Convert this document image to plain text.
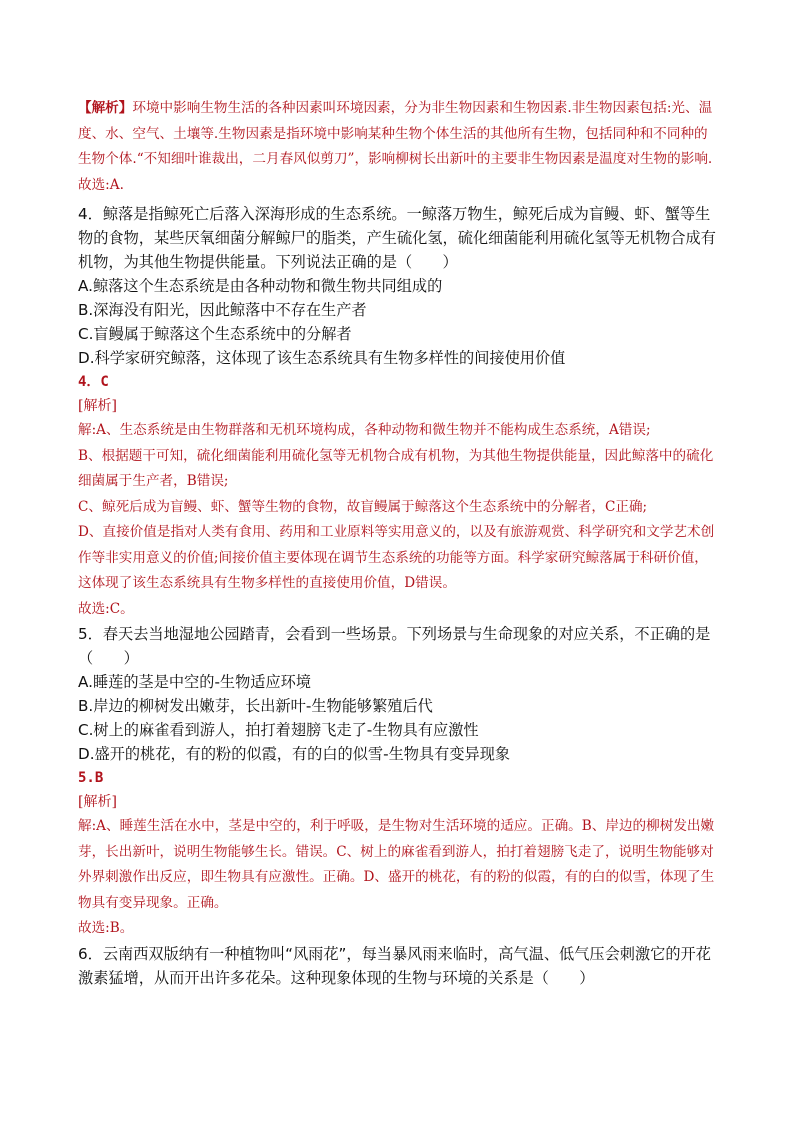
【解析】环境中影响生物生活的各种因素叫环境因素，分为非生物因素和生物因素.非生物因素包括:光、温度、水、空气、土壤等.生物因素是指环境中影响某种生物个体生活的其他所有生物，包括同种和不同种的生物个体.“不知细叶谁裁出，二月春风似剪刀”，影响柳树长出新叶的主要非生物因素是温度对生物的影响.故选:A.

4．鲸落是指鲸死亡后落入深海形成的生态系统。一鲸落万物生，鲸死后成为盲鳗、虾、蟹等生物的食物，某些厌氧细菌分解鲸尸的脂类，产生硫化氢，硫化细菌能利用硫化氢等无机物合成有机物，为其他生物提供能量。下列说法正确的是（　　）

A.鲸落这个生态系统是由各种动物和微生物共同组成的

B.深海没有阳光，因此鲸落中不存在生产者

C.盲鳗属于鲸落这个生态系统中的分解者

D.科学家研究鲸落，这体现了该生态系统具有生物多样性的间接使用价值

4．C

[解析]

解:A、生态系统是由生物群落和无机环境构成，各种动物和微生物并不能构成生态系统，A错误;

B、根据题干可知，硫化细菌能利用硫化氢等无机物合成有机物，为其他生物提供能量，因此鲸落中的硫化细菌属于生产者，B错误;

C、鲸死后成为盲鳗、虾、蟹等生物的食物，故盲鳗属于鲸落这个生态系统中的分解者，C正确;

D、直接价值是指对人类有食用、药用和工业原料等实用意义的，以及有旅游观赏、科学研究和文学艺术创作等非实用意义的价值;间接价值主要体现在调节生态系统的功能等方面。科学家研究鲸落属于科研价值，这体现了该生态系统具有生物多样性的直接使用价值，D错误。

故选:C。

5．春天去当地湿地公园踏青，会看到一些场景。下列场景与生命现象的对应关系，不正确的是（　　）

A.睡莲的茎是中空的-生物适应环境

B.岸边的柳树发出嫩芽，长出新叶-生物能够繁殖后代

C.树上的麻雀看到游人，拍打着翅膀飞走了-生物具有应激性

D.盛开的桃花，有的粉的似霞，有的白的似雪-生物具有变异现象

5.B

[解析]

解:A、睡莲生活在水中，茎是中空的，利于呼吸，是生物对生活环境的适应。正确。B、岸边的柳树发出嫩芽，长出新叶，说明生物能够生长。错误。C、树上的麻雀看到游人，拍打着翅膀飞走了，说明生物能够对外界刺激作出反应，即生物具有应激性。正确。D、盛开的桃花，有的粉的似霞，有的白的似雪，体现了生物具有变异现象。正确。

故选:B。

6．云南西双版纳有一种植物叫“风雨花”，每当暴风雨来临时，高气温、低气压会刺激它的开花激素猛增，从而开出许多花朵。这种现象体现的生物与环境的关系是（　　）
